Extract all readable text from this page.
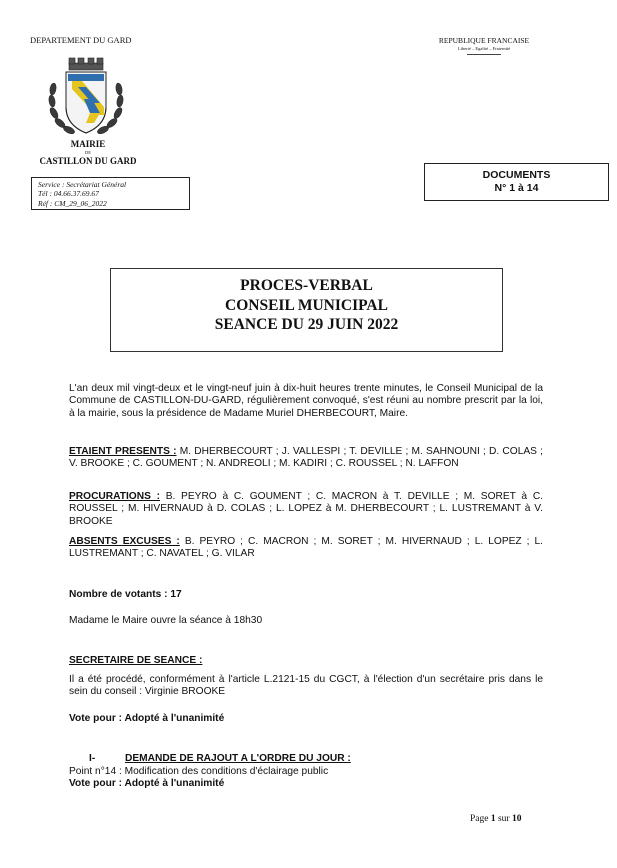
DEPARTEMENT DU GARD	REPUBLIQUE FRANCAISE
Liberté – Egalité – Fraternité
MAIRIE
DE
CASTILLON DU GARD
Service : Secrétariat Général
Tél : 04.66.37.69.67
Réf : CM_29_06_2022
DOCUMENTS
N° 1 à 14
PROCES-VERBAL
CONSEIL MUNICIPAL
SEANCE DU 29 JUIN 2022
L'an deux mil vingt-deux et le vingt-neuf juin à dix-huit heures trente minutes, le Conseil Municipal de la Commune de CASTILLON-DU-GARD, régulièrement convoqué, s'est réuni au nombre prescrit par la loi, à la mairie, sous la présidence de Madame Muriel DHERBECOURT, Maire.
ETAIENT PRESENTS : M. DHERBECOURT ; J. VALLESPI ; T. DEVILLE ; M. SAHNOUNI ; D. COLAS ; V. BROOKE ; C. GOUMENT ; N. ANDREOLI ; M. KADIRI ; C. ROUSSEL ; N. LAFFON
PROCURATIONS : B. PEYRO à C. GOUMENT ; C. MACRON à T. DEVILLE ; M. SORET à C. ROUSSEL ; M. HIVERNAUD à D. COLAS ; L. LOPEZ à M. DHERBECOURT ; L. LUSTREMANT à V. BROOKE
ABSENTS EXCUSES : B. PEYRO ; C. MACRON ; M. SORET ; M. HIVERNAUD ; L. LOPEZ ; L. LUSTREMANT ; C. NAVATEL ; G. VILAR
Nombre de votants : 17
Madame le Maire ouvre la séance à 18h30
SECRETAIRE DE SEANCE :
Il a été procédé, conformément à l'article L.2121-15 du CGCT, à l'élection d'un secrétaire pris dans le sein du conseil : Virginie BROOKE
Vote pour : Adopté à l'unanimité
I-	DEMANDE DE RAJOUT A L'ORDRE DU JOUR :
Point n°14 : Modification des conditions d'éclairage public
Vote pour : Adopté à l'unanimité
Page 1 sur 10
